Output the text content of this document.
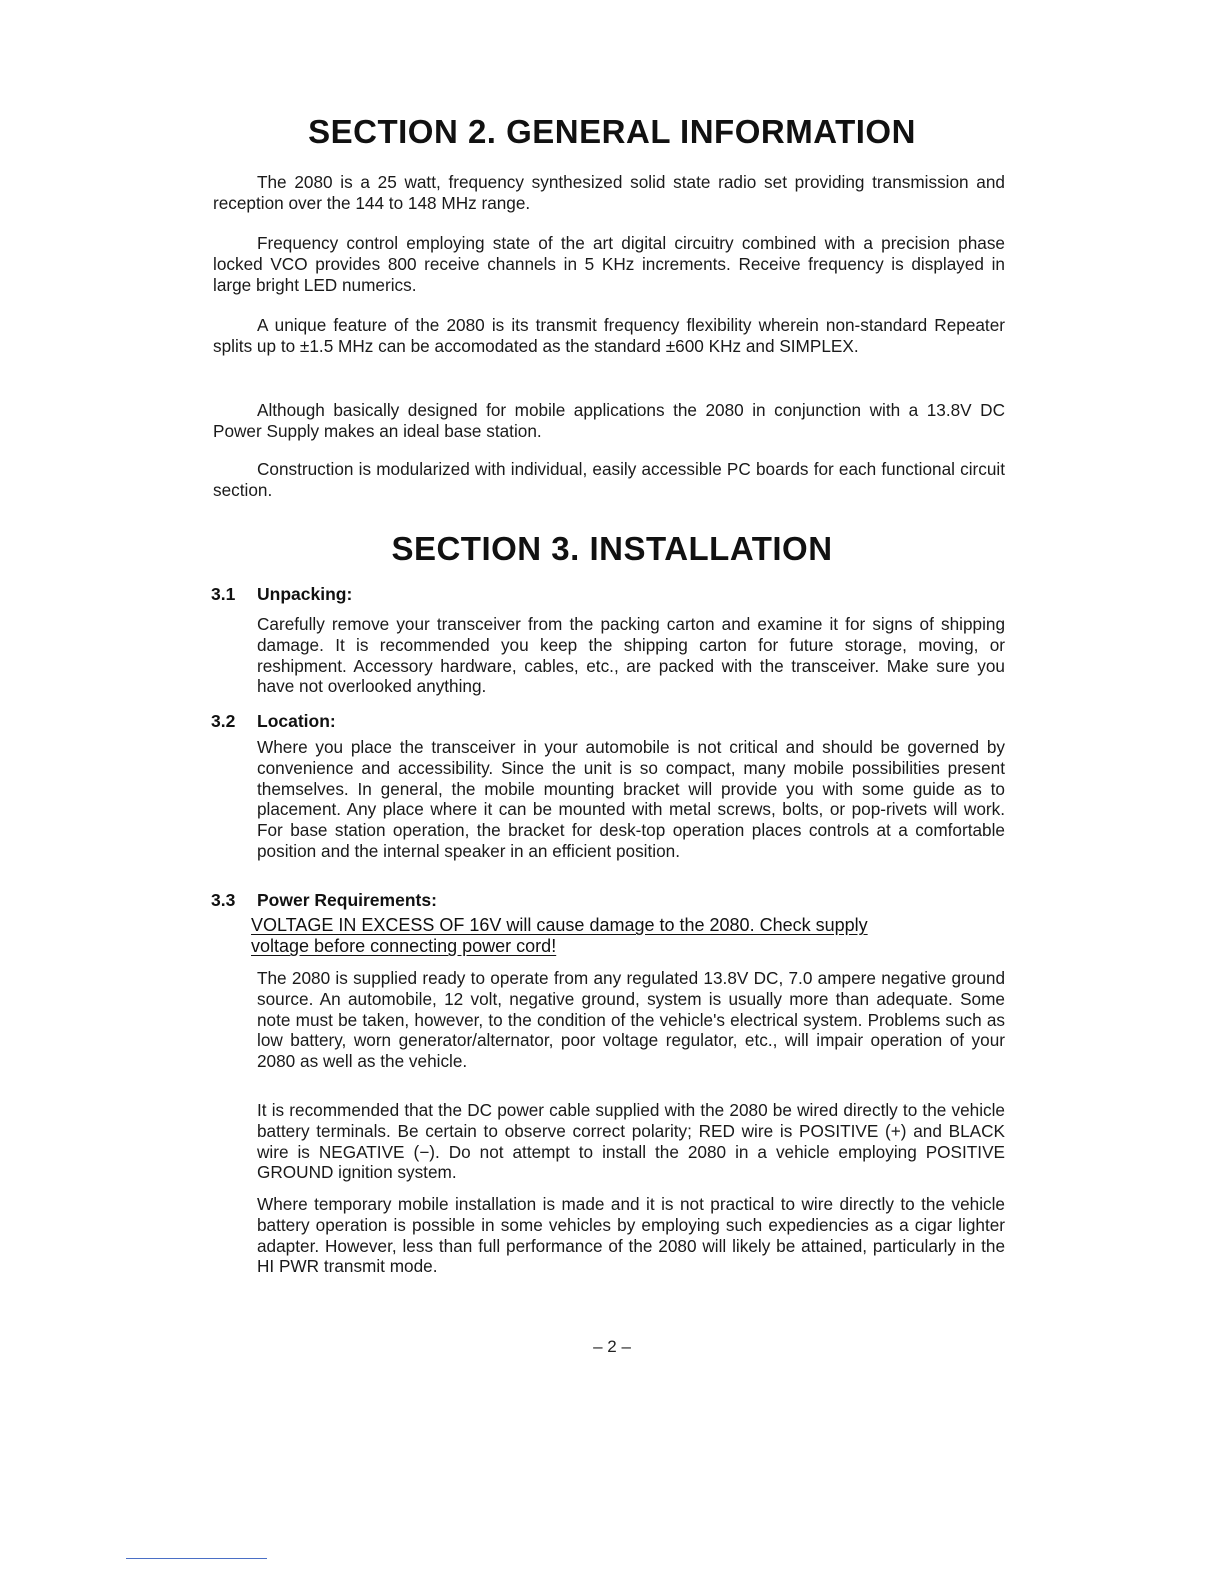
SECTION 2. GENERAL INFORMATION

The 2080 is a 25 watt, frequency synthesized solid state radio set providing transmission and reception over the 144 to 148 MHz range.

Frequency control employing state of the art digital circuitry combined with a precision phase locked VCO provides 800 receive channels in 5 KHz increments. Receive frequency is displayed in large bright LED numerics.

A unique feature of the 2080 is its transmit frequency flexibility wherein non-standard Repeater splits up to ±1.5 MHz can be accomodated as the standard ±600 KHz and SIMPLEX.

Although basically designed for mobile applications the 2080 in conjunction with a 13.8V DC Power Supply makes an ideal base station.

Construction is modularized with individual, easily accessible PC boards for each functional circuit section.

SECTION 3. INSTALLATION
3.1 Unpacking:

Carefully remove your transceiver from the packing carton and examine it for signs of shipping damage. It is recommended you keep the shipping carton for future storage, moving, or reshipment. Accessory hardware, cables, etc., are packed with the transceiver. Make sure you have not overlooked anything.

3.2 Location:

Where you place the transceiver in your automobile is not critical and should be governed by convenience and accessibility. Since the unit is so compact, many mobile possibilities present themselves. In general, the mobile mounting bracket will provide you with some guide as to placement. Any place where it can be mounted with metal screws, bolts, or pop-rivets will work. For base station operation, the bracket for desk-top operation places controls at a comfortable position and the internal speaker in an efficient position.

3.3 Power Requirements:
VOLTAGE IN EXCESS OF 16V will cause damage to the 2080. Check supply
voltage before connecting power cord!

The 2080 is supplied ready to operate from any regulated 13.8V DC, 7.0 ampere negative ground source. An automobile, 12 volt, negative ground, system is usually more than adequate. Some note must be taken, however, to the condition of the vehicle's electrical system. Problems such as low battery, worn generator/alternator, poor voltage regulator, etc., will impair operation of your 2080 as well as the vehicle.

It is recommended that the DC power cable supplied with the 2080 be wired directly to the vehicle battery terminals. Be certain to observe correct polarity; RED wire is POSITIVE (+) and BLACK wire is NEGATIVE (−). Do not attempt to install the 2080 in a vehicle employing POSITIVE GROUND ignition system.

Where temporary mobile installation is made and it is not practical to wire directly to the vehicle battery operation is possible in some vehicles by employing such expediencies as a cigar lighter adapter. However, less than full performance of the 2080 will likely be attained, particularly in the HI PWR transmit mode.

– 2 –
